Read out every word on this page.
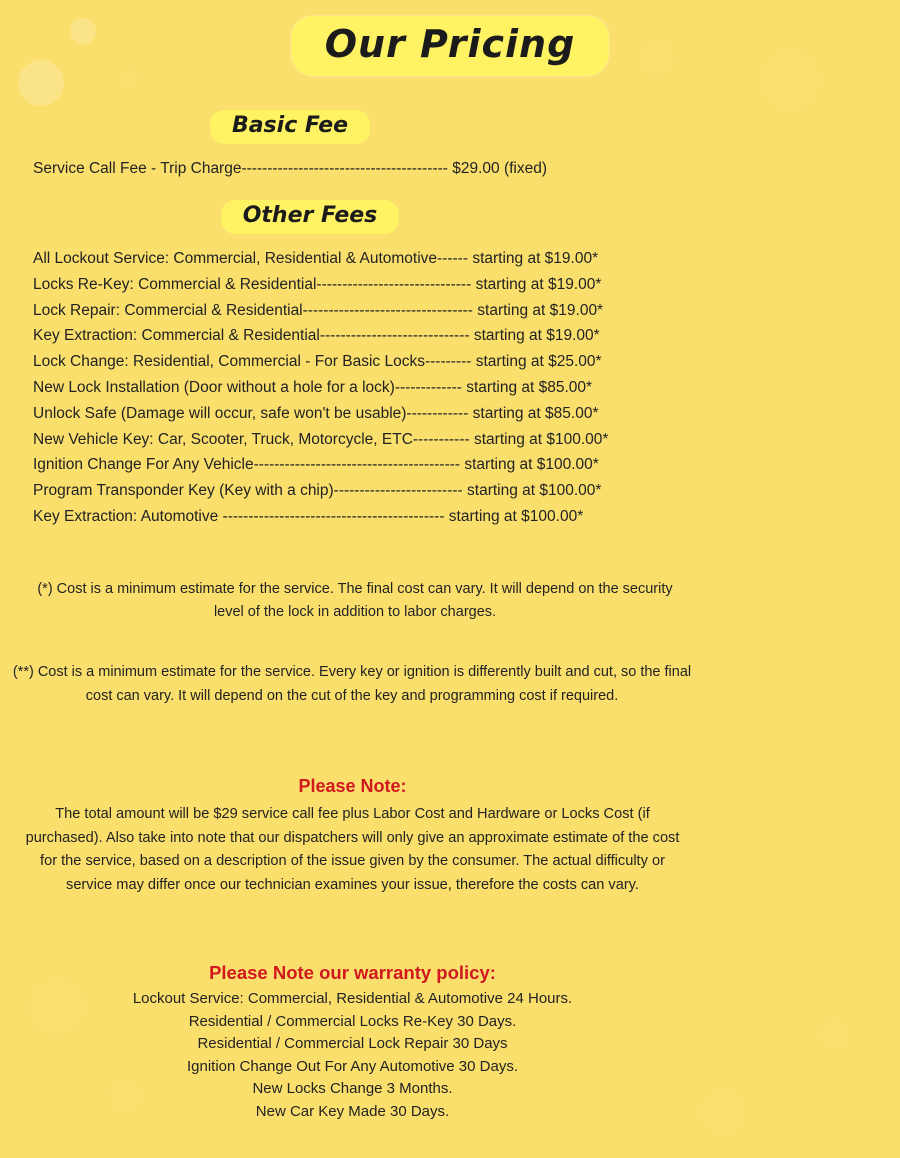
Our Pricing
Basic Fee
Service Call Fee - Trip Charge---------------------------------------- $29.00 (fixed)
Other Fees
All Lockout Service: Commercial, Residential & Automotive------ starting at $19.00*
Locks Re-Key: Commercial & Residential------------------------------ starting at $19.00*
Lock Repair: Commercial & Residential--------------------------------- starting at $19.00*
Key Extraction: Commercial & Residential----------------------------- starting at $19.00*
Lock Change: Residential, Commercial - For Basic Locks--------- starting at $25.00*
New Lock Installation (Door without a hole for a lock)------------- starting at $85.00*
Unlock Safe (Damage will occur, safe won't be usable)------------ starting at $85.00*
New Vehicle Key: Car, Scooter, Truck, Motorcycle, ETC----------- starting at $100.00*
Ignition Change For Any Vehicle---------------------------------------- starting at $100.00*
Program Transponder Key (Key with a chip)------------------------- starting at $100.00*
Key Extraction: Automotive ------------------------------------------- starting at $100.00*
(*) Cost is a minimum estimate for the service. The final cost can vary. It will depend on the security level of the lock in addition to labor charges.
(**) Cost is a minimum estimate for the service. Every key or ignition is differently built and cut, so the final cost can vary. It will depend on the cut of the key and programming cost if required.
Please Note:
The total amount will be $29 service call fee plus Labor Cost and Hardware or Locks Cost (if purchased). Also take into note that our dispatchers will only give an approximate estimate of the cost for the service, based on a description of the issue given by the consumer. The actual difficulty or service may differ once our technician examines your issue, therefore the costs can vary.
Please Note our warranty policy:
Lockout Service: Commercial, Residential & Automotive 24 Hours.
Residential / Commercial Locks Re-Key 30 Days.
Residential / Commercial Lock Repair 30 Days
Ignition Change Out For Any Automotive 30 Days.
New Locks Change 3 Months.
New Car Key Made 30 Days.
